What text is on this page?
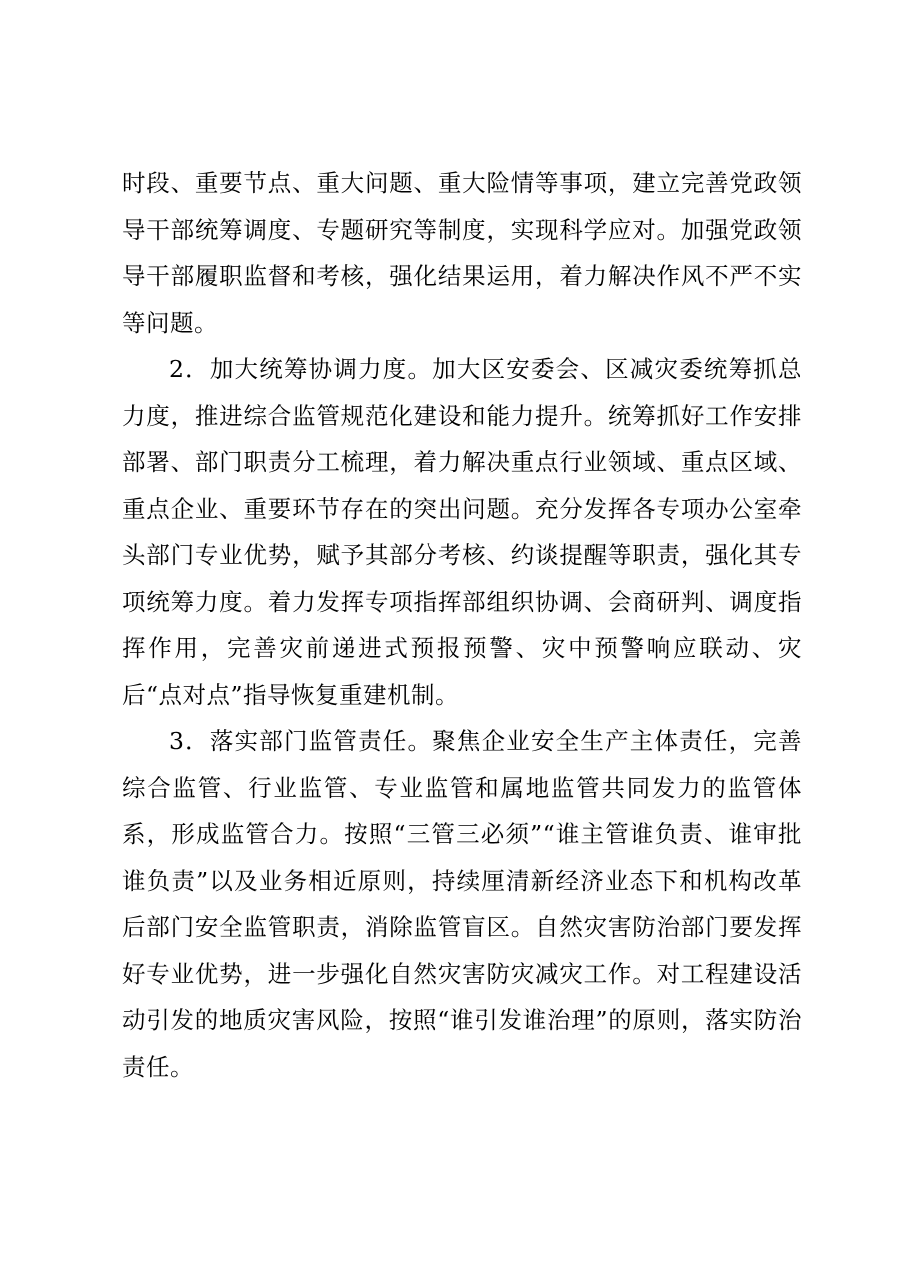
时段、重要节点、重大问题、重大险情等事项，建立完善党政领导干部统筹调度、专题研究等制度，实现科学应对。加强党政领导干部履职监督和考核，强化结果运用，着力解决作风不严不实等问题。

2．加大统筹协调力度。加大区安委会、区减灾委统筹抓总力度，推进综合监管规范化建设和能力提升。统筹抓好工作安排部署、部门职责分工梳理，着力解决重点行业领域、重点区域、重点企业、重要环节存在的突出问题。充分发挥各专项办公室牵头部门专业优势，赋予其部分考核、约谈提醒等职责，强化其专项统筹力度。着力发挥专项指挥部组织协调、会商研判、调度指挥作用，完善灾前递进式预报预警、灾中预警响应联动、灾后“点对点”指导恢复重建机制。

3．落实部门监管责任。聚焦企业安全生产主体责任，完善综合监管、行业监管、专业监管和属地监管共同发力的监管体系，形成监管合力。按照“三管三必须”“谁主管谁负责、谁审批谁负责”以及业务相近原则，持续厘清新经济业态下和机构改革后部门安全监管职责，消除监管盲区。自然灾害防治部门要发挥好专业优势，进一步强化自然灾害防灾减灾工作。对工程建设活动引发的地质灾害风险，按照“谁引发谁治理”的原则，落实防治责任。
